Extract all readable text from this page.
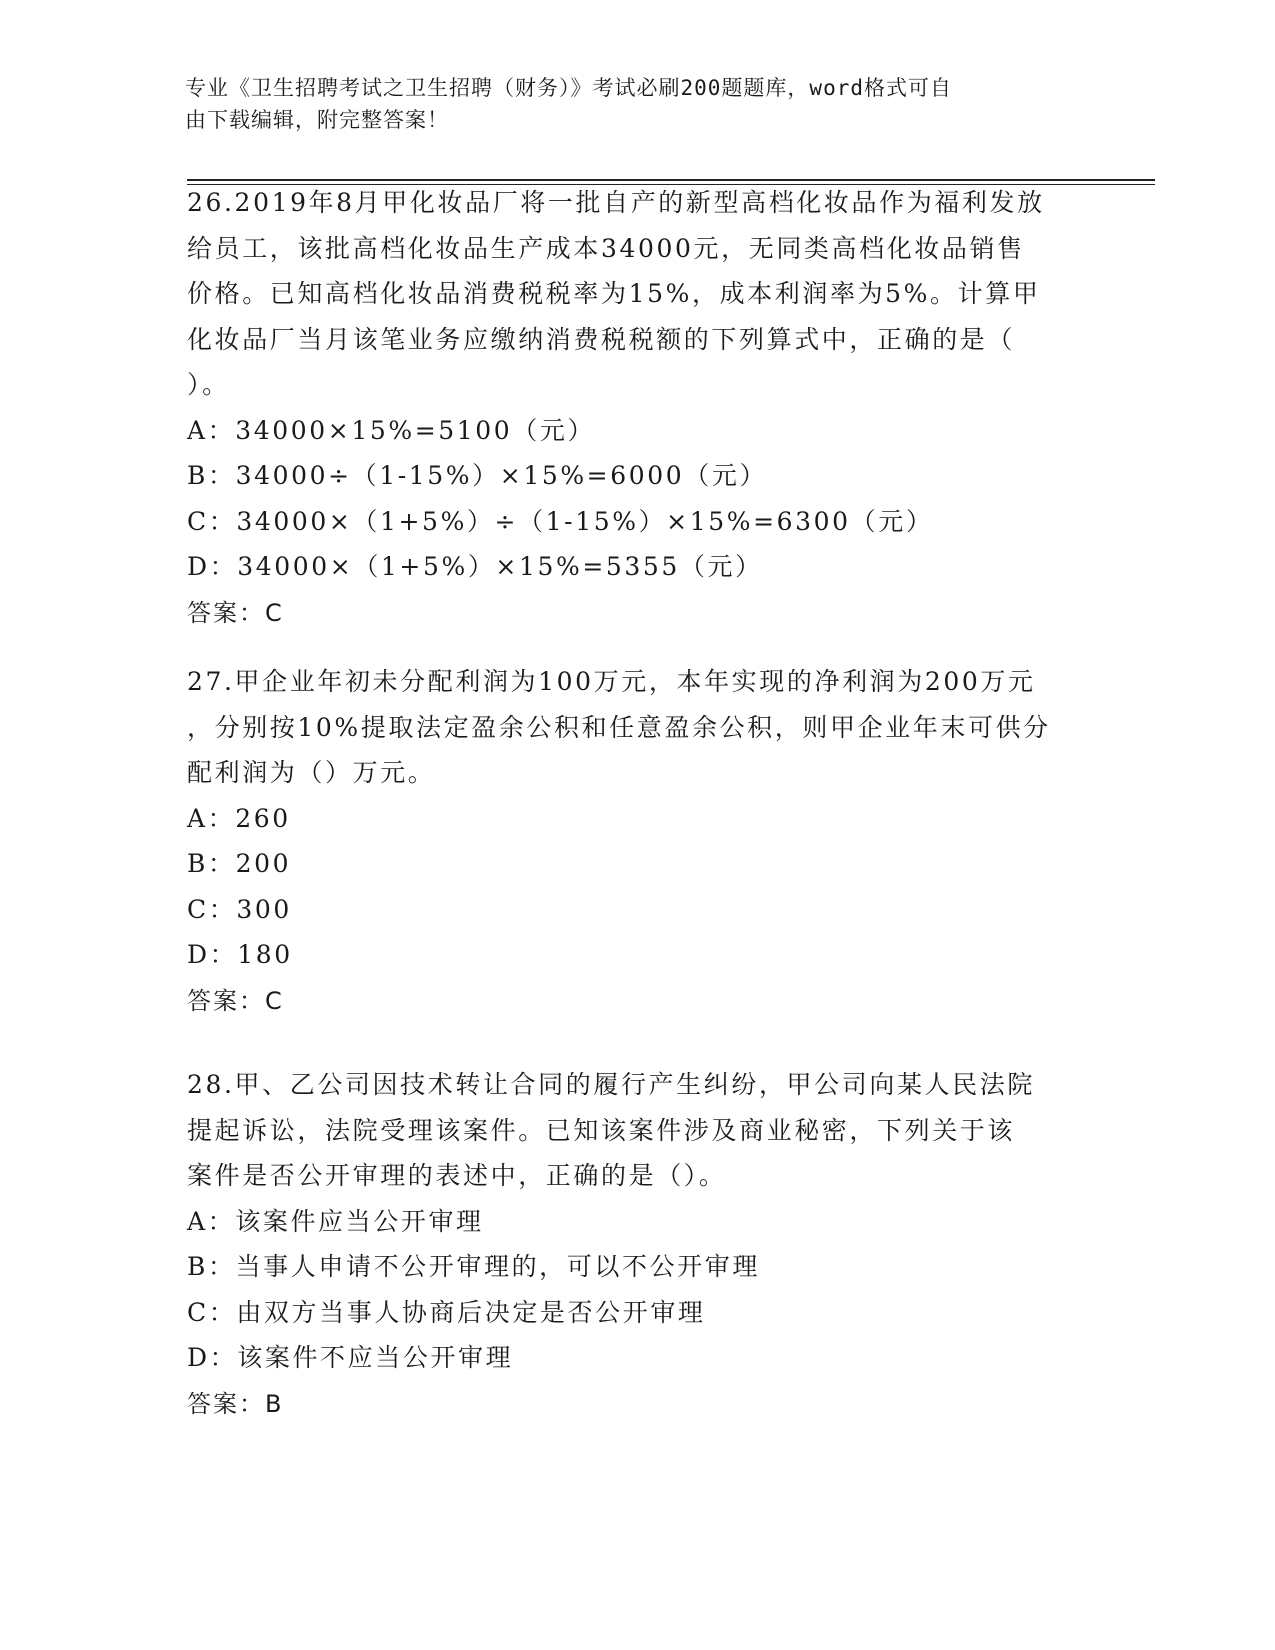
专业《卫生招聘考试之卫生招聘（财务）》考试必刷200题题库，word格式可自
由下载编辑，附完整答案！

26.2019年8月甲化妆品厂将一批自产的新型高档化妆品作为福利发放
给员工，该批高档化妆品生产成本34000元，无同类高档化妆品销售
价格。已知高档化妆品消费税税率为15%，成本利润率为5%。计算甲
化妆品厂当月该笔业务应缴纳消费税税额的下列算式中，正确的是（
）。

A：34000×15%=5100（元）

B：34000÷（1-15%）×15%=6000（元）

C：34000×（1+5%）÷（1-15%）×15%=6300（元）

D：34000×（1+5%）×15%=5355（元）

答案：C

27.甲企业年初未分配利润为100万元，本年实现的净利润为200万元
，分别按10%提取法定盈余公积和任意盈余公积，则甲企业年末可供分
配利润为（）万元。

A：260

B：200

C：300

D：180

答案：C

28.甲、乙公司因技术转让合同的履行产生纠纷，甲公司向某人民法院
提起诉讼，法院受理该案件。已知该案件涉及商业秘密，下列关于该
案件是否公开审理的表述中，正确的是（）。

A：该案件应当公开审理

B：当事人申请不公开审理的，可以不公开审理

C：由双方当事人协商后决定是否公开审理

D：该案件不应当公开审理

答案：B
